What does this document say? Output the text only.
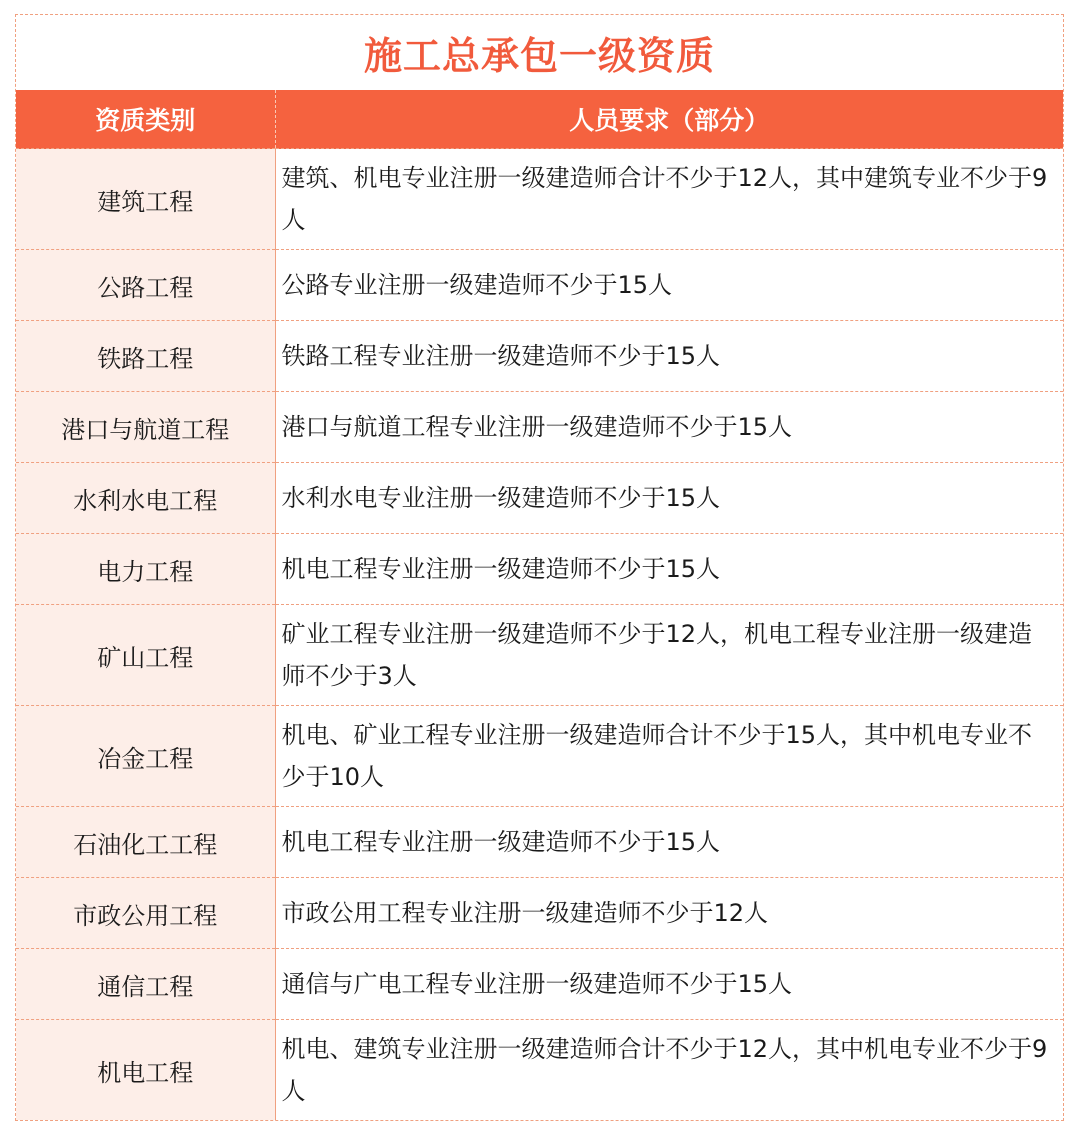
施工总承包一级资质
资质类别	人员要求（部分）
建筑工程	建筑、机电专业注册一级建造师合计不少于12人，其中建筑专业不少于9人
公路工程	公路专业注册一级建造师不少于15人
铁路工程	铁路工程专业注册一级建造师不少于15人
港口与航道工程	港口与航道工程专业注册一级建造师不少于15人
水利水电工程	水利水电专业注册一级建造师不少于15人
电力工程	机电工程专业注册一级建造师不少于15人
矿山工程	矿业工程专业注册一级建造师不少于12人，机电工程专业注册一级建造师不少于3人
冶金工程	机电、矿业工程专业注册一级建造师合计不少于15人，其中机电专业不少于10人
石油化工工程	机电工程专业注册一级建造师不少于15人
市政公用工程	市政公用工程专业注册一级建造师不少于12人
通信工程	通信与广电工程专业注册一级建造师不少于15人
机电工程	机电、建筑专业注册一级建造师合计不少于12人，其中机电专业不少于9人
